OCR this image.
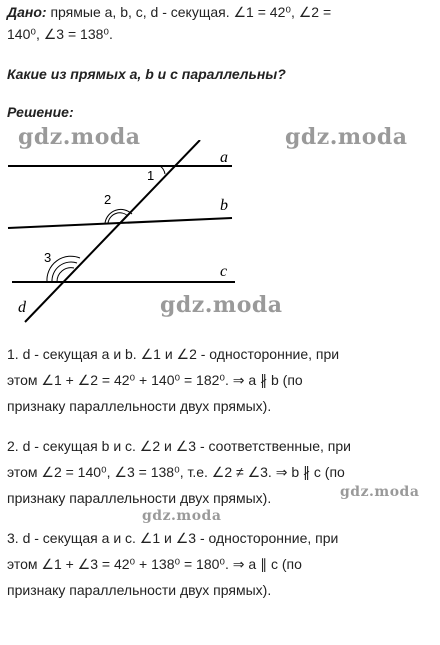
Дано: прямые a, b, c, d - секущая. ∠1 = 42⁰, ∠2 =
140⁰, ∠3 = 138⁰.
Какие из прямых a, b и c параллельны?
Решение:
gdz.moda	gdz.moda
gdz.moda
gdz.moda
gdz.moda
a
b
c
d
1
2
3
1. d - секущая a и b. ∠1 и ∠2 - односторонние, при
этом ∠1 + ∠2 = 42⁰ + 140⁰ = 182⁰. ⇒ a ∦ b (по
признаку параллельности двух прямых).
2. d - секущая b и c. ∠2 и ∠3 - соответственные, при
этом ∠2 = 140⁰, ∠3 = 138⁰, т.е. ∠2 ≠ ∠3. ⇒ b ∦ c (по
признаку параллельности двух прямых).
3. d - секущая a и c. ∠1 и ∠3 - односторонние, при
этом ∠1 + ∠3 = 42⁰ + 138⁰ = 180⁰. ⇒ a ∥ c (по
признаку параллельности двух прямых).
